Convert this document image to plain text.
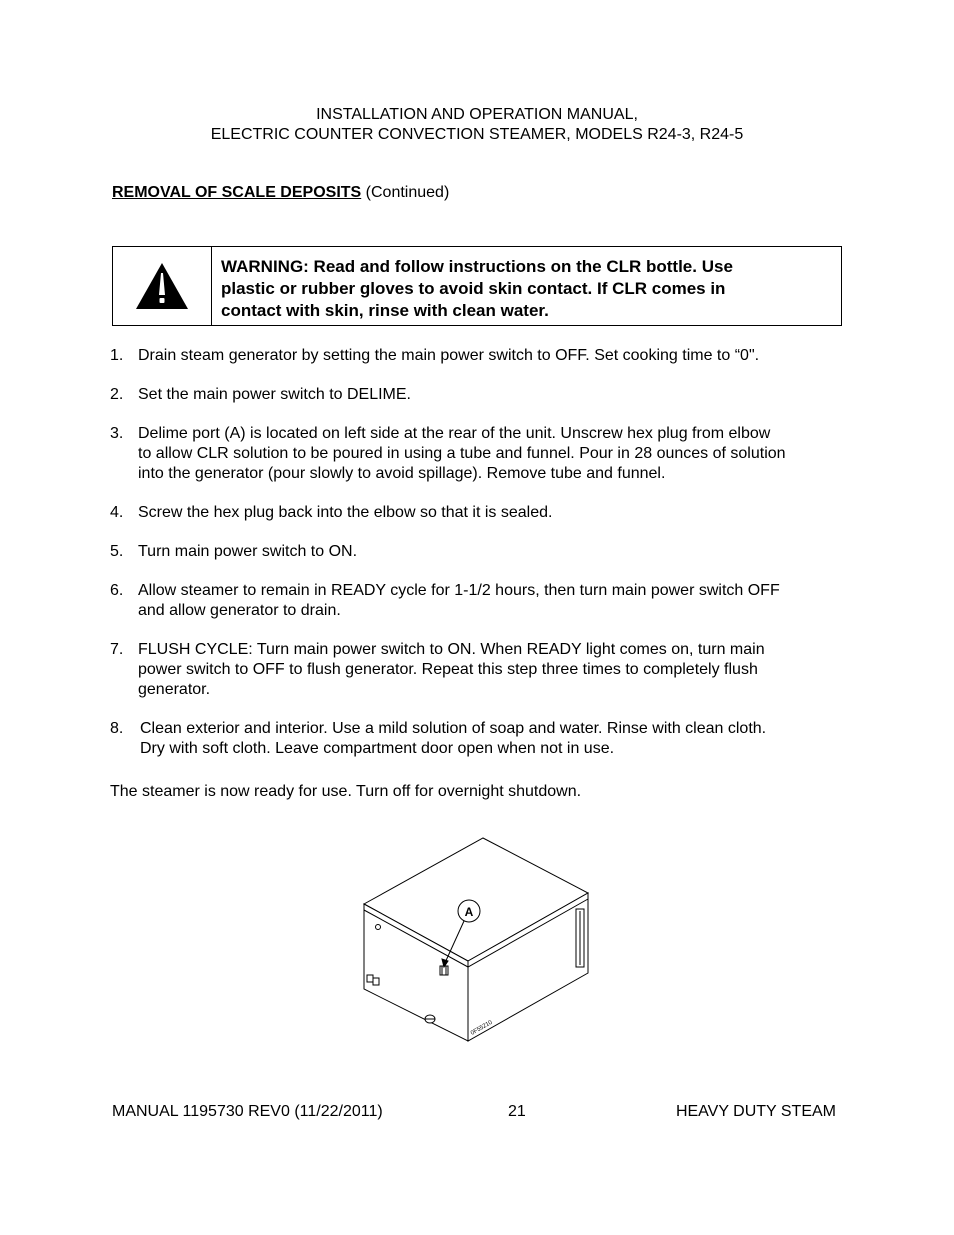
INSTALLATION AND OPERATION MANUAL,
ELECTRIC COUNTER CONVECTION STEAMER, MODELS R24-3, R24-5
REMOVAL OF SCALE DEPOSITS (Continued)
WARNING: Read and follow instructions on the CLR bottle. Use
plastic or rubber gloves to avoid skin contact. If CLR comes in
contact with skin, rinse with clean water.
1. Drain steam generator by setting the main power switch to OFF. Set cooking time to “0".
2. Set the main power switch to DELIME.
3. Delime port (A) is located on left side at the rear of the unit. Unscrew hex plug from elbow
to allow CLR solution to be poured in using a tube and funnel. Pour in 28 ounces of solution
into the generator (pour slowly to avoid spillage). Remove tube and funnel.
4. Screw the hex plug back into the elbow so that it is sealed.
5. Turn main power switch to ON.
6. Allow steamer to remain in READY cycle for 1-1/2 hours, then turn main power switch OFF
and allow generator to drain.
7. FLUSH CYCLE: Turn main power switch to ON. When READY light comes on, turn main
power switch to OFF to flush generator. Repeat this step three times to completely flush
generator.
8.	Clean exterior and interior. Use a mild solution of soap and water. Rinse with clean cloth.
Dry with soft cloth. Leave compartment door open when not in use.
The steamer is now ready for use. Turn off for overnight shutdown.
A
0F55210
MANUAL 1195730 REV0 (11/22/2011)	21	HEAVY DUTY STEAM
